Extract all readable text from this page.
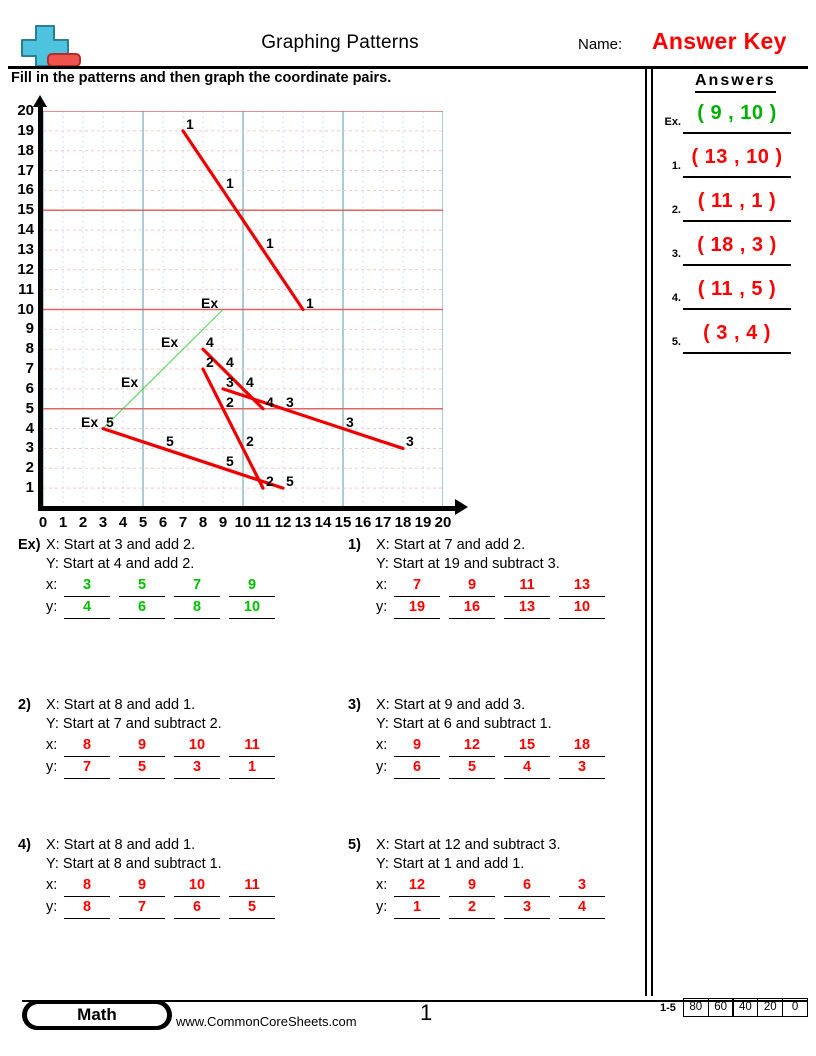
Graphing Patterns	Name: Answer Key
Fill in the patterns and then graph the coordinate pairs.	Answers
Ex. ( 9 , 10 )
1. ( 13 , 10 )
2. ( 11 , 1 )
3. ( 18 , 3 )
4. ( 11 , 5 )
5.	( 3 , 4 )
1
2
3
4
5
6
7
8
9
10
11
12
13
14
15
16
17
18
19
20
0 1 2 3 4 5 6 7 8 9 10 11 12 13 14 15 16 17 18 19 20
Ex
Ex
Ex
Ex
1
1
1
1
2
2
2
2
3
3
3
3
4
4
4
4
5
5
5
5
Ex) X: Start at 3 and add 2.
Y: Start at 4 and add 2.
x:	3	5	7	9
y:	4	6	8	10
1) X: Start at 7 and add 2.
Y: Start at 19 and subtract 3.
x:	7	9	11	13
y:	19	16	13	10
2) X: Start at 8 and add 1.
Y: Start at 7 and subtract 2.
x:	8	9	10	11
y:	7	5	3	1
3) X: Start at 9 and add 3.
Y: Start at 6 and subtract 1.
x:	9	12	15	18
y:	6	5	4	3
4) X: Start at 8 and add 1.
Y: Start at 8 and subtract 1.
x:	8	9	10	11
y:	8	7	6	5
5) X: Start at 12 and subtract 3.
Y: Start at 1 and add 1.
x:	12	9	6	3
y:	1	2	3	4
Math	www.CommonCoreSheets.com	1	1-5	80	60	40	20	0
